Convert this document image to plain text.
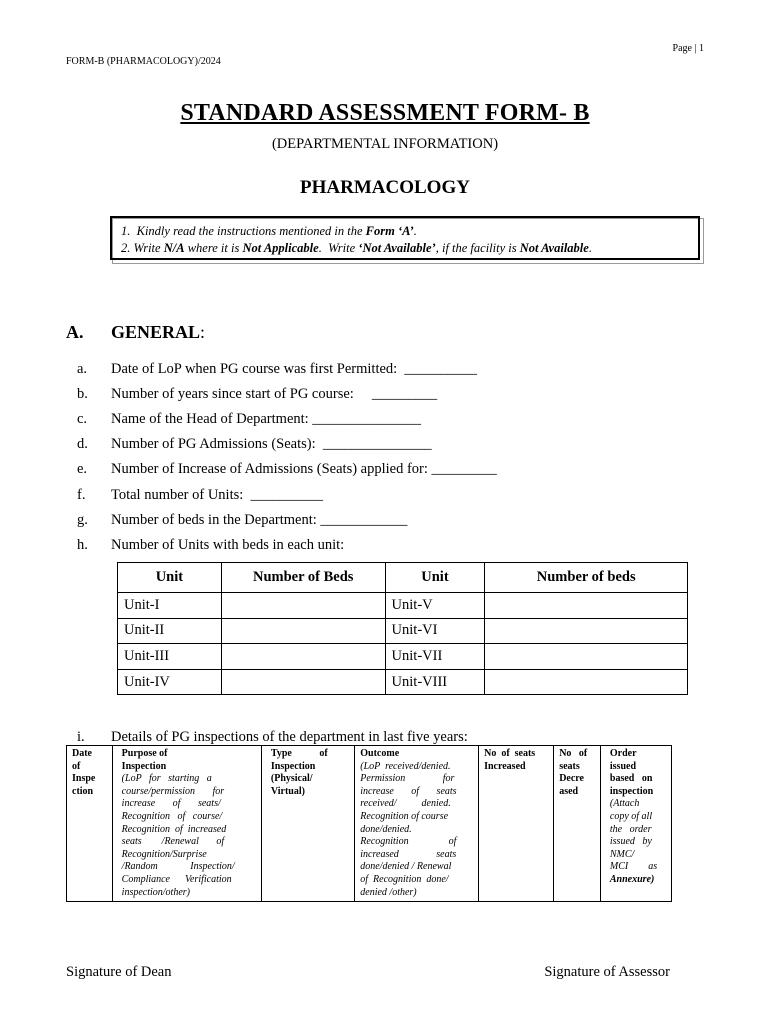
Page | 1
FORM-B (PHARMACOLOGY)/2024
STANDARD ASSESSMENT FORM- B
(DEPARTMENTAL INFORMATION)
PHARMACOLOGY
1. Kindly read the instructions mentioned in the Form ‘A’.
2. Write N/A where it is Not Applicable.  Write ‘Not Available’, if the facility is Not Available.
A. GENERAL:
a. Date of LoP when PG course was first Permitted:  __________
b. Number of years since start of PG course:     _________
c. Name of the Head of Department: _______________
d. Number of PG Admissions (Seats):  _______________
e. Number of Increase of Admissions (Seats) applied for: _________
f. Total number of Units:  __________
g. Number of beds in the Department: ____________
h. Number of Units with beds in each unit:
Unit	Number of Beds	Unit	Number of beds
Unit-I		Unit-V	
Unit-II		Unit-VI	
Unit-III		Unit-VII	
Unit-IV		Unit-VIII	
i. Details of PG inspections of the department in last five years:
Date
of
Inspe
ction

Purpose of
Inspection
(LoP   for   starting   a
course/permission       for
increase       of       seats/
Recognition   of   course/
Recognition  of  increased
seats        /Renewal       of
Recognition/Surprise
/Random             Inspection/
Compliance      Verification
inspection/other)

Type           of
Inspection
(Physical/
Virtual)

Outcome
(LoP  received/denied.
Permission               for
increase       of       seats
received/          denied.
Recognition of course
done/denied.
Recognition                of
increased               seats
done/denied / Renewal
of  Recognition  done/
denied /other)

No  of  seats
Increased

No   of
seats
Decre
ased

Order
issued
based   on
inspection
(Attach
copy of all
the   order
issued   by
NMC/
MCI        as
Annexure)
Signature of Dean	Signature of Assessor
